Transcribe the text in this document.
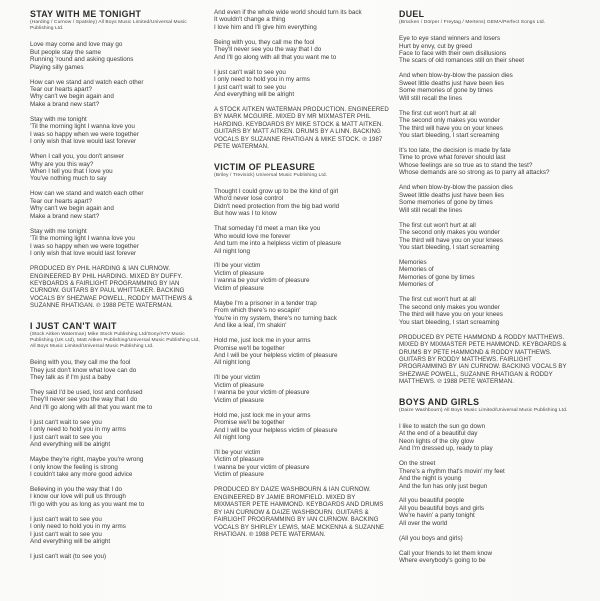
STAY WITH ME TONIGHT

(Harding / Curnow / Spatsley) All Boys Music Limited/Universal Music Publishing Ltd.

Love may come and love may go
But people stay the same
Running 'round and asking questions
Playing silly games

How can we stand and watch each other
Tear our hearts apart?
Why can't we begin again and
Make a brand new start?

Stay with me tonight
'Til the morning light I wanna love you
I was so happy when we were together
I only wish that love would last forever

When I call you, you don't answer
Why are you this way?
When I tell you that I love you
You've nothing much to say

How can we stand and watch each other
Tear our hearts apart?
Why can't we begin again and
Make a brand new start?

Stay with me tonight
'Til the morning light I wanna love you
I was so happy when we were together
I only wish that love would last forever

PRODUCED BY PHIL HARDING & IAN CURNOW. ENGINEERED BY PHIL HARDING. MIXED BY DUFFY. KEYBOARDS & FAIRLIGHT PROGRAMMING BY IAN CURNOW. GUITARS BY PAUL WHITTAKER. BACKING VOCALS BY SHEZWAE POWELL, RODDY MATTHEWS & SUZANNE RHATIGAN. ℗ 1988 PETE WATERMAN.

I JUST CAN'T WAIT

(Stock Aitken Waterman) Mike Stock Publishing Ltd/Sony/ATV Music Publishing (UK Ltd), Matt Aitken Publishing/Universal Music Publishing Ltd, All Boys Music Limited/Universal Music Publishing Ltd.

Being with you, they call me the fool
They just don't know what love can do
They talk as if I'm just a baby

They said I'd be used, lost and confused
They'll never see you the way that I do
And I'll go along with all that you want me to

I just can't wait to see you
I only need to hold you in my arms
I just can't wait to see you
And everything will be alright

Maybe they're right, maybe you're wrong
I only know the feeling is strong
I couldn't take any more good advice

Believing in you the way that I do
I know our love will pull us through
I'll go with you as long as you want me to

I just can't wait to see you
I only need to hold you in my arms
I just can't wait to see you
And everything will be alright

I just can't wait (to see you)

And even if the whole wide world should turn its back
It wouldn't change a thing
I love him and I'll give him everything

Being with you, they call me the fool
They'll never see you the way that I do
And I'll go along with all that you want me to

I just can't wait to see you
I only need to hold you in my arms
I just can't wait to see you
And everything will be alright

A STOCK AITKEN WATERMAN PRODUCTION. ENGINEERED BY MARK MCGUIRE. MIXED BY MR MIXMASTER PHIL HARDING. KEYBOARDS BY MIKE STOCK & MATT AITKEN. GUITARS BY MATT AITKEN. DRUMS BY A LINN. BACKING VOCALS BY SUZANNE RHATIGAN & MIKE STOCK. ℗ 1987 PETE WATERMAN.

VICTIM OF PLEASURE

(Briley / Trevisick) Universal Music Publishing Ltd.

Thought I could grow up to be the kind of girl
Who'd never lose control
Didn't need protection from the big bad world
But how was I to know

That someday I'd meet a man like you
Who would love me forever
And turn me into a helpless victim of pleasure
All night long

I'll be your victim
Victim of pleasure
I wanna be your victim of pleasure
Victim of pleasure

Maybe I'm a prisoner in a tender trap
From which there's no escapin'
You're in my system, there's no turning back
And like a leaf, I'm shakin'

Hold me, just lock me in your arms
Promise we'll be together
And I will be your helpless victim of pleasure
All night long

I'll be your victim
Victim of pleasure
I wanna be your victim of pleasure
Victim of pleasure

Hold me, just lock me in your arms
Promise we'll be together
And I will be your helpless victim of pleasure
All night long

I'll be your victim
Victim of pleasure
I wanna be your victim of pleasure
Victim of pleasure

PRODUCED BY DAIZE WASHBOURN & IAN CURNOW. ENGINEERED BY JAMIE BROMFIELD. MIXED BY MIXMASTER PETE HAMMOND. KEYBOARDS AND DRUMS BY IAN CURNOW & DAIZE WASHBOURN. GUITARS & FAIRLIGHT PROGRAMMING BY IAN CURNOW. BACKING VOCALS BY SHIRLEY LEWIS, MAE MCKENNA & SUZANNE RHATIGAN. ℗ 1988 PETE WATERMAN.

DUEL

(Brücken / Dörper / Freytag / Mertens) GEMA/Perfect Songs Ltd.

Eye to eye stand winners and losers
Hurt by envy, cut by greed
Face to face with their own disillusions
The scars of old romances still on their sheet

And when blow-by-blow the passion dies
Sweet little deaths just have been lies
Some memories of gone by times
Will still recall the lines

The first cut won't hurt at all
The second only makes you wonder
The third will have you on your knees
You start bleeding, I start screaming

It's too late, the decision is made by fate
Time to prove what forever should last
Whose feelings are so true as to stand the test?
Whose demands are so strong as to parry all attacks?

And when blow-by-blow the passion dies
Sweet little deaths just have been lies
Some memories of gone by times
Will still recall the lines

The first cut won't hurt at all
The second only makes you wonder
The third will have you on your knees
You start bleeding, I start screaming

Memories
Memories of
Memories of gone by times
Memories of

The first cut won't hurt at all
The second only makes you wonder
The third will have you on your knees
You start bleeding, I start screaming

PRODUCED BY PETE HAMMOND & RODDY MATTHEWS. MIXED BY MIXMASTER PETE HAMMOND. KEYBOARDS & DRUMS BY PETE HAMMOND & RODDY MATTHEWS. GUITARS BY RODDY MATTHEWS. FAIRLIGHT PROGRAMMING BY IAN CURNOW. BACKING VOCALS BY SHEZWAE POWELL, SUZANNE RHATIGAN & RODDY MATTHEWS. ℗ 1988 PETE WATERMAN.

BOYS AND GIRLS

(Daize Washbourn) All Boys Music Limited/Universal Music Publishing Ltd.

I like to watch the sun go down
At the end of a beautiful day
Neon lights of the city glow
And I'm dressed up, ready to play

On the street
There's a rhythm that's movin' my feet
And the night is young
And the fun has only just begun

All you beautiful people
All you beautiful boys and girls
We're havin' a party tonight
All over the world

(All you boys and girls)

Call your friends to let them know
Where everybody's going to be
